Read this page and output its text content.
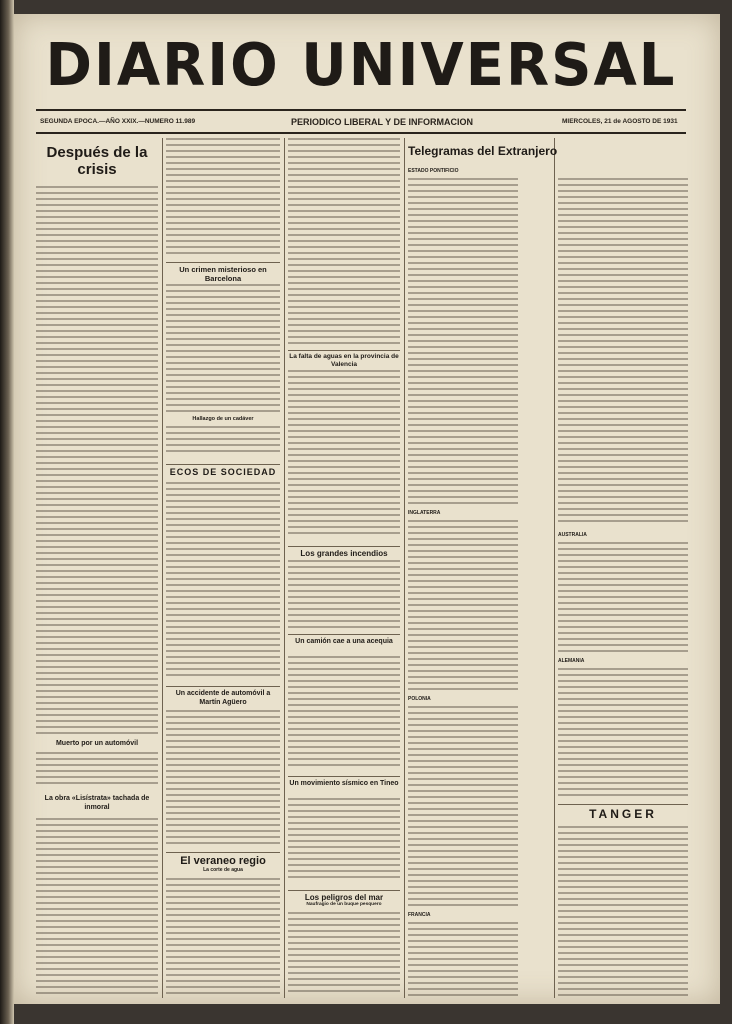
DIARIO UNIVERSAL
SEGUNDA EPOCA.—AÑO XXIX.—NUMERO 11.989	PERIODICO LIBERAL Y DE INFORMACION	MIERCOLES, 21 de AGOSTO DE 1931
Después de la crisis
Muerto por un automóvil
La obra «Lisístrata» tachada de inmoral
Un crimen misterioso en Barcelona
Hallazgo de un cadáver
ECOS DE SOCIEDAD
Un accidente de automóvil a Martín Agüero
El veraneo regio
La corte de agua
La falta de aguas en la provincia de Valencia
Los grandes incendios
Un camión cae a una acequia
Un movimiento sísmico en Tineo
Los peligros del mar
Naufragio de un buque pesquero
Telegramas del Extranjero
ESTADO PONTIFICIO
INGLATERRA
POLONIA
FRANCIA
AUSTRALIA
ALEMANIA
TANGER
